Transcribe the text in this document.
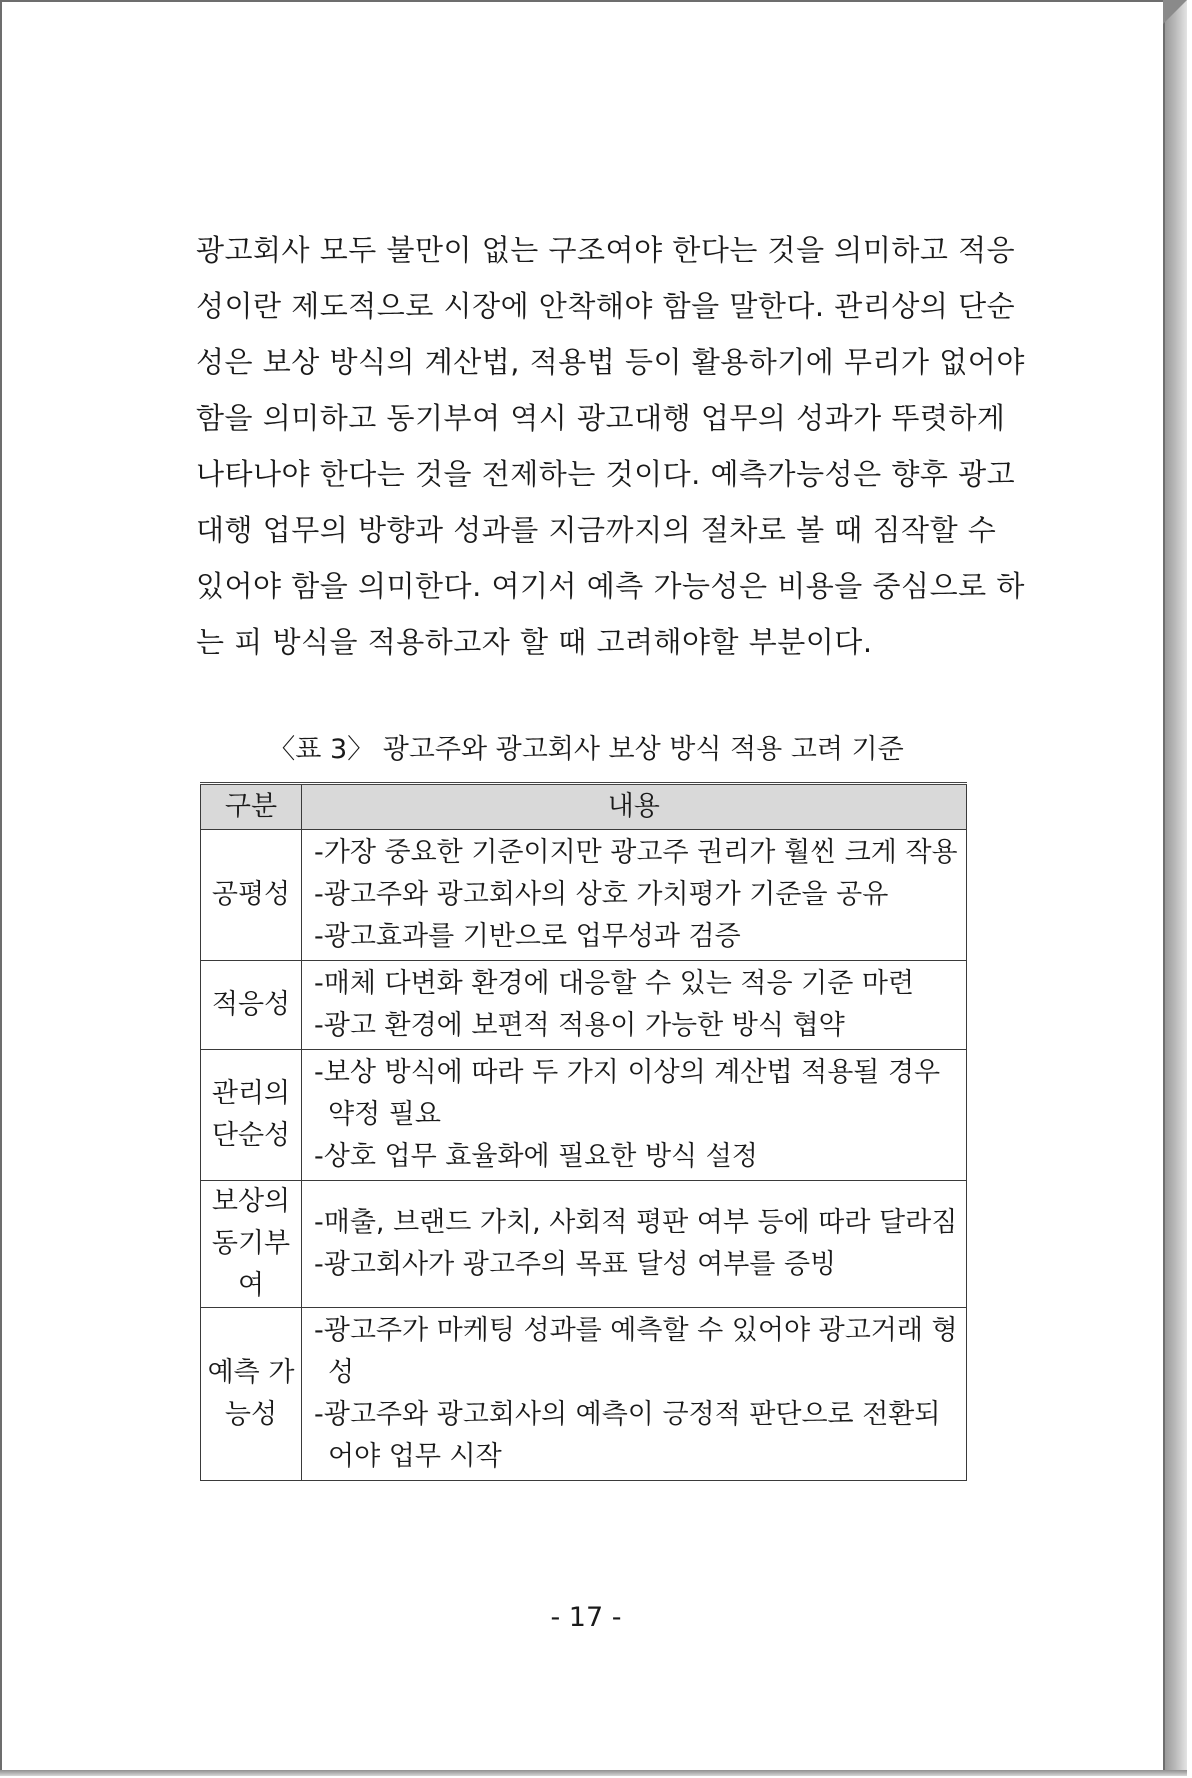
광고회사 모두 불만이 없는 구조여야 한다는 것을 의미하고 적응
성이란 제도적으로 시장에 안착해야 함을 말한다. 관리상의 단순
성은 보상 방식의 계산법, 적용법 등이 활용하기에 무리가 없어야
함을 의미하고 동기부여 역시 광고대행 업무의 성과가 뚜렷하게
나타나야 한다는 것을 전제하는 것이다. 예측가능성은 향후 광고
대행 업무의 방향과 성과를 지금까지의 절차로 볼 때 짐작할 수
있어야 함을 의미한다. 여기서 예측 가능성은 비용을 중심으로 하
는 피 방식을 적용하고자 할 때 고려해야할 부분이다.
〈표 3〉 광고주와 광고회사 보상 방식 적용 고려 기준
구분	내용
공평성	-가장 중요한 기준이지만 광고주 권리가 훨씬 크게 작용
-광고주와 광고회사의 상호 가치평가 기준을 공유
-광고효과를 기반으로 업무성과 검증

적응성	-매체 다변화 환경에 대응할 수 있는 적응 기준 마련
-광고 환경에 보편적 적용이 가능한 방식 협약

관리의 단순성	-보상 방식에 따라 두 가지 이상의 계산법 적용될 경우 약정 필요
-상호 업무 효율화에 필요한 방식 설정

보상의 동기부여	-매출, 브랜드 가치, 사회적 평판 여부 등에 따라 달라짐
-광고회사가 광고주의 목표 달성 여부를 증빙

예측 가능성	-광고주가 마케팅 성과를 예측할 수 있어야 광고거래 형성
-광고주와 광고회사의 예측이 긍정적 판단으로 전환되어야 업무 시작
- 17 -
